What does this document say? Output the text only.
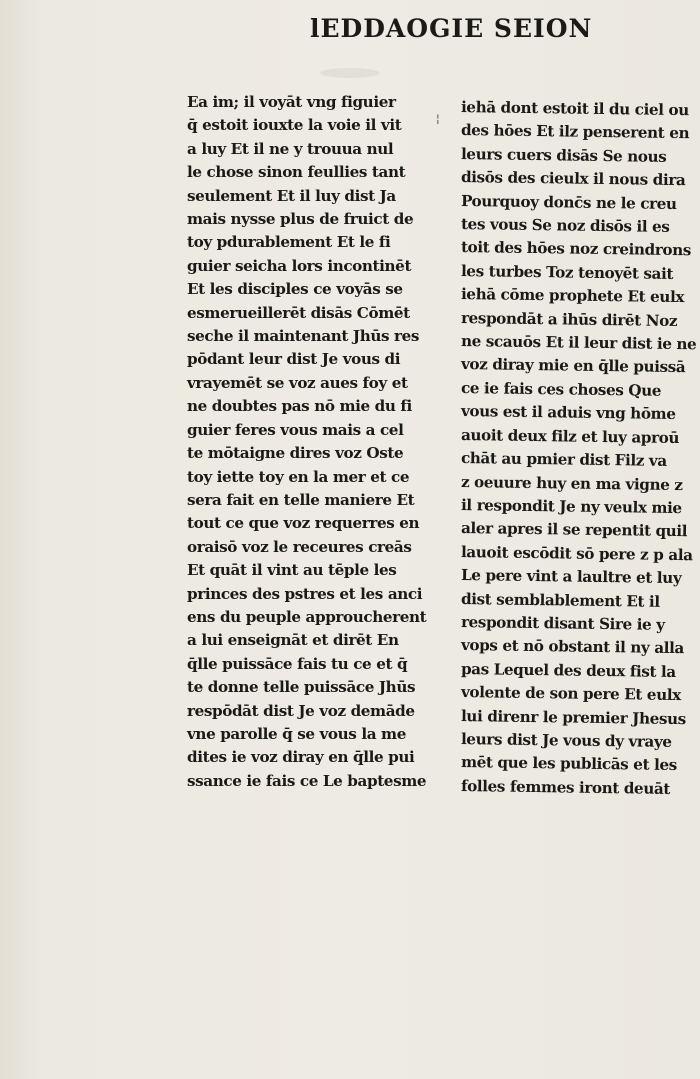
lEDDAOGIE SEION
¦
Ea im; il voyāt vng figuier
q̄ estoit iouxte la voie il vit
a luy Et il ne y trouua nul
le chose sinon feullies tant
seulement Et il luy dist Ja
mais nysse plus de fruict de
toy pdurablement Et le fi
guier seicha lors incontinēt
Et les disciples ce voyās se
esmerueillerēt disās Cōmēt
seche il maintenant Jhūs res
pōdant leur dist Je vous di
vrayemēt se voz aues foy et
ne doubtes pas nō mie du fi
guier feres vous mais a cel
te mōtaigne dires voz Oste
toy iette toy en la mer et ce
sera fait en telle maniere Et
tout ce que voz requerres en
oraisō voz le receures creās
Et quāt il vint au tēple les
princes des pstres et les anci
ens du peuple approucherent
a lui enseignāt et dirēt En
q̄lle puissāce fais tu ce et q̄
te donne telle puissāce Jhūs
respōdāt dist Je voz demāde
vne parolle q̄ se vous la me
dites ie voz diray en q̄lle pui
ssance ie fais ce Le baptesme
iehā dont estoit il du ciel ou
des hōes Et ilz penserent en
leurs cuers disās Se nous
disōs des cieulx il nous dira
Pourquoy donc̄s ne le creu
tes vous Se noz disōs il es
toit des hōes noz creindrons
les turbes Toz tenoyēt sait
iehā cōme prophete Et eulx
respondāt a ihūs dirēt Noz
ne scauōs Et il leur dist ie ne
voz diray mie en q̄lle puissā
ce ie fais ces choses Que
vous est il aduis vng hōme
auoit deux filz et luy aproū
chāt au pmier dist Filz va
z oeuure huy en ma vigne z
il respondit Je ny veulx mie
aler apres il se repentit quil
lauoit escōdit sō pere z p ala
Le pere vint a laultre et luy
dist semblablement Et il
respondit disant Sire ie y
vops et nō obstant il ny alla
pas Lequel des deux fist la
volente de son pere Et eulx
lui direnr le premier Jhesus
leurs dist Je vous dy vraye
mēt que les publicās et les
folles femmes iront deuāt
